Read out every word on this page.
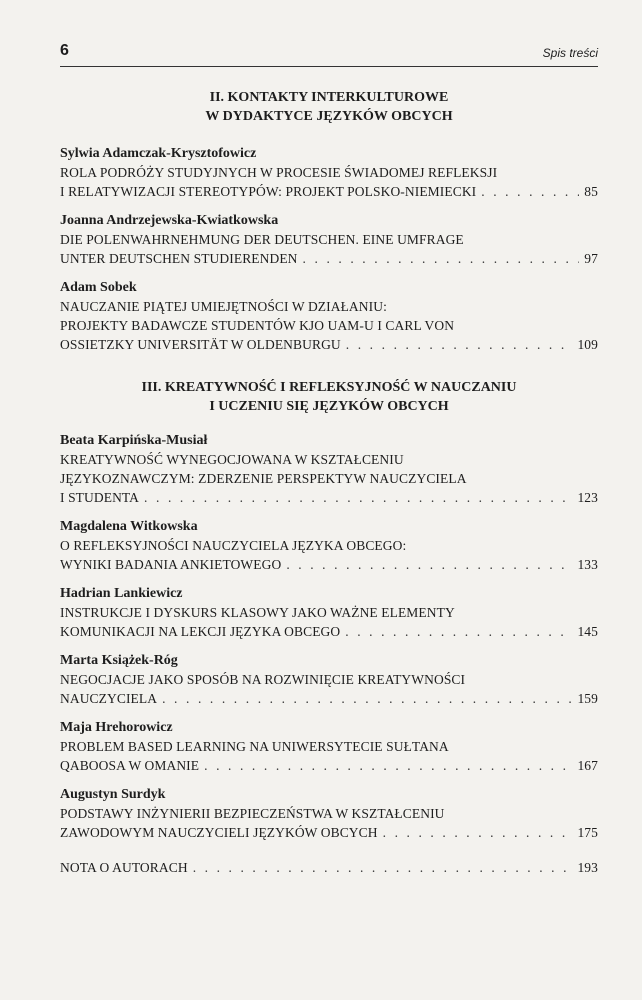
6	Spis treści
II. KONTAKTY INTERKULTUROWE
W DYDAKTYCE JĘZYKÓW OBCYCH
Sylwia Adamczak-Krysztofowicz
ROLA PODRÓŻY STUDYJNYCH W PROCESIE ŚWIADOMEJ REFLEKSJI
I RELATYWIZACJI STEREOTYPÓW: PROJEKT POLSKO-NIEMIECKI . . .	85
Joanna Andrzejewska-Kwiatkowska
DIE POLENWAHRNEHMUNG DER DEUTSCHEN. EINE UMFRAGE
UNTER DEUTSCHEN STUDIERENDEN . . .	97
Adam Sobek
NAUCZANIE PIĄTEJ UMIEJĘTNOŚCI W DZIAŁANIU:
PROJEKTY BADAWCZE STUDENTÓW KJO UAM-U I CARL VON
OSSIETZKY UNIVERSITÄT W OLDENBURGU . . .	109
III. KREATYWNOŚĆ I REFLEKSYJNOŚĆ W NAUCZANIU
I UCZENIU SIĘ JĘZYKÓW OBCYCH
Beata Karpińska-Musiał
KREATYWNOŚĆ WYNEGOCJOWANA W KSZTAŁCENIU
JĘZYKOZNAWCZYM: ZDERZENIE PERSPEKTYW NAUCZYCIELA
I STUDENTA . . .	123
Magdalena Witkowska
O REFLEKSYJNOŚCI NAUCZYCIELA JĘZYKA OBCEGO:
WYNIKI BADANIA ANKIETOWEGO . . .	133
Hadrian Lankiewicz
INSTRUKCJE I DYSKURS KLASOWY JAKO WAŻNE ELEMENTY
KOMUNIKACJI NA LEKCJI JĘZYKA OBCEGO . . .	145
Marta Książek-Róg
NEGOCJACJE JAKO SPOSÓB NA ROZWINIĘCIE KREATYWNOŚCI
NAUCZYCIELA . . .	159
Maja Hrehorowicz
PROBLEM BASED LEARNING NA UNIWERSYTECIE SUŁTANA
QABOOSA W OMANIE . . .	167
Augustyn Surdyk
PODSTAWY INŻYNIERII BEZPIECZEŃSTWA W KSZTAŁCENIU
ZAWODOWYM NAUCZYCIELI JĘZYKÓW OBCYCH . . .	175
NOTA O AUTORACH . . .	193
